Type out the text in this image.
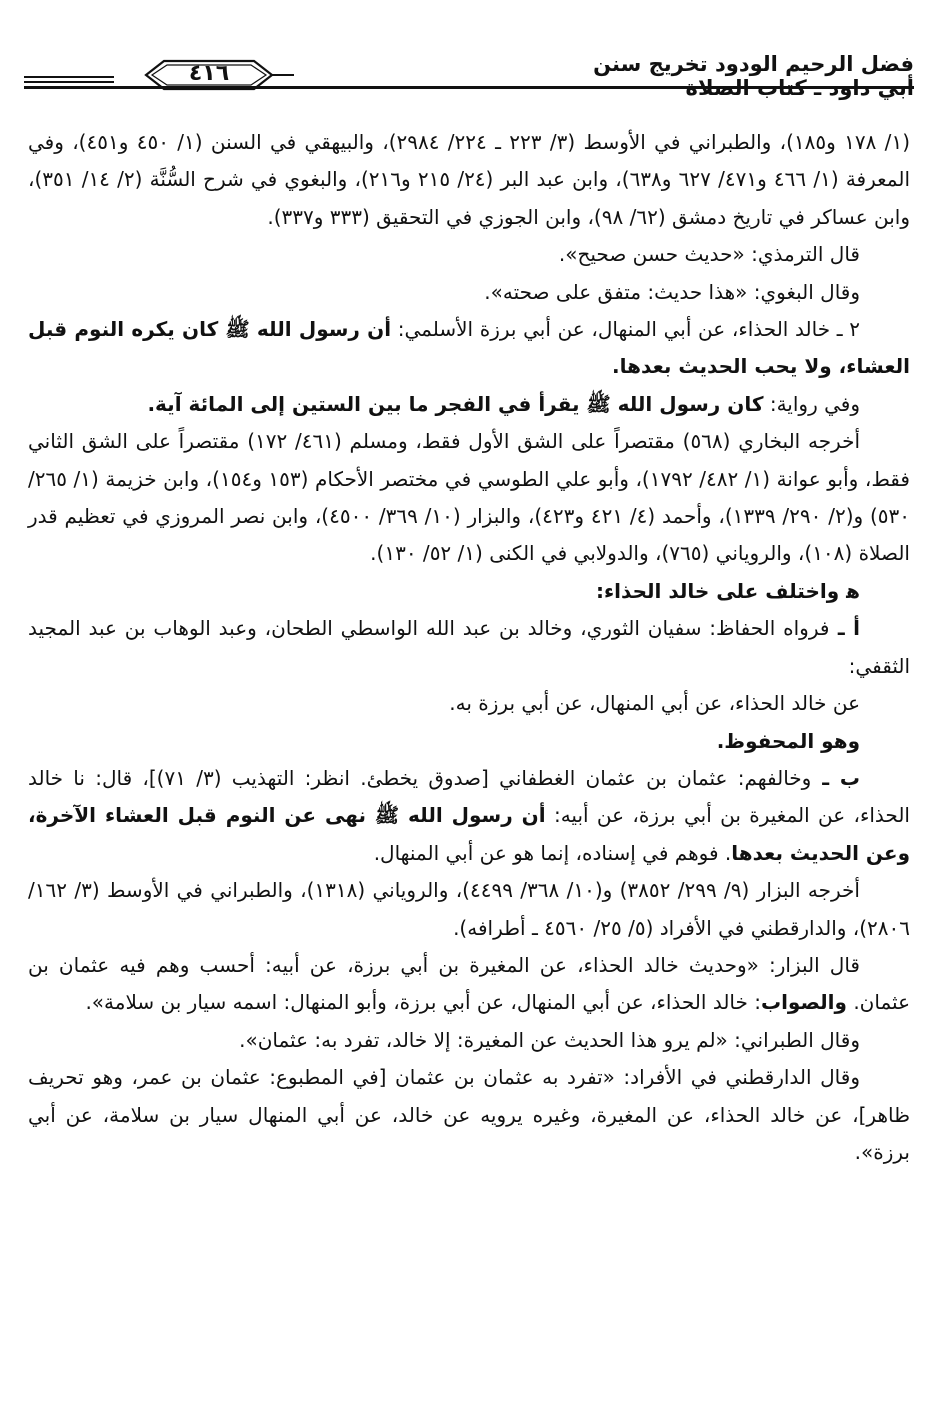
فضل الرحيم الودود تخريج سنن أبي داود ـ كتاب الصلاة
٤١٦

(١/ ١٧٨ و١٨٥)، والطبراني في الأوسط (٣/ ٢٢٣ ـ ٢٢٤/ ٢٩٨٤)، والبيهقي في السنن (١/ ٤٥٠ و٤٥١)، وفي المعرفة (١/ ٤٦٦ و٤٧١/ ٦٢٧ و٦٣٨)، وابن عبد البر (٢٤/ ٢١٥ و٢١٦)، والبغوي في شرح السُّنَّة (٢/ ١٤/ ٣٥١)، وابن عساكر في تاريخ دمشق (٦٢/ ٩٨)، وابن الجوزي في التحقيق (٣٣٣ و٣٣٧).

قال الترمذي: «حديث حسن صحيح».

وقال البغوي: «هذا حديث: متفق على صحته».

٢ ـ خالد الحذاء، عن أبي المنهال، عن أبي برزة الأسلمي: أن رسول الله ﷺ كان يكره النوم قبل العشاء، ولا يحب الحديث بعدها.

وفي رواية: كان رسول الله ﷺ يقرأ في الفجر ما بين الستين إلى المائة آية.

أخرجه البخاري (٥٦٨) مقتصراً على الشق الأول فقط، ومسلم (٤٦١/ ١٧٢) مقتصراً على الشق الثاني فقط، وأبو عوانة (١/ ٤٨٢/ ١٧٩٢)، وأبو علي الطوسي في مختصر الأحكام (١٥٣ و١٥٤)، وابن خزيمة (١/ ٢٦٥/ ٥٣٠) و(٢/ ٢٩٠/ ١٣٣٩)، وأحمد (٤/ ٤٢١ و٤٢٣)، والبزار (١٠/ ٣٦٩/ ٤٥٠٠)، وابن نصر المروزي في تعظيم قدر الصلاة (١٠٨)، والروياني (٧٦٥)، والدولابي في الكنى (١/ ٥٢/ ١٣٠).

ﻫ واختلف على خالد الحذاء:

أ ـ فرواه الحفاظ: سفيان الثوري، وخالد بن عبد الله الواسطي الطحان، وعبد الوهاب بن عبد المجيد الثقفي:

عن خالد الحذاء، عن أبي المنهال، عن أبي برزة به.

وهو المحفوظ.

ب ـ وخالفهم: عثمان بن عثمان الغطفاني [صدوق يخطئ. انظر: التهذيب (٣/ ٧١)]، قال: نا خالد الحذاء، عن المغيرة بن أبي برزة، عن أبيه: أن رسول الله ﷺ نهى عن النوم قبل العشاء الآخرة، وعن الحديث بعدها. فوهم في إسناده، إنما هو عن أبي المنهال.

أخرجه البزار (٩/ ٢٩٩/ ٣٨٥٢) و(١٠/ ٣٦٨/ ٤٤٩٩)، والروياني (١٣١٨)، والطبراني في الأوسط (٣/ ١٦٢/ ٢٨٠٦)، والدارقطني في الأفراد (٥/ ٢٥/ ٤٥٦٠ ـ أطرافه).

قال البزار: «وحديث خالد الحذاء، عن المغيرة بن أبي برزة، عن أبيه: أحسب وهم فيه عثمان بن عثمان. والصواب: خالد الحذاء، عن أبي المنهال، عن أبي برزة، وأبو المنهال: اسمه سيار بن سلامة».

وقال الطبراني: «لم يرو هذا الحديث عن المغيرة: إلا خالد، تفرد به: عثمان».

وقال الدارقطني في الأفراد: «تفرد به عثمان بن عثمان [في المطبوع: عثمان بن عمر، وهو تحريف ظاهر]، عن خالد الحذاء، عن المغيرة، وغيره يرويه عن خالد، عن أبي المنهال سيار بن سلامة، عن أبي برزة».
